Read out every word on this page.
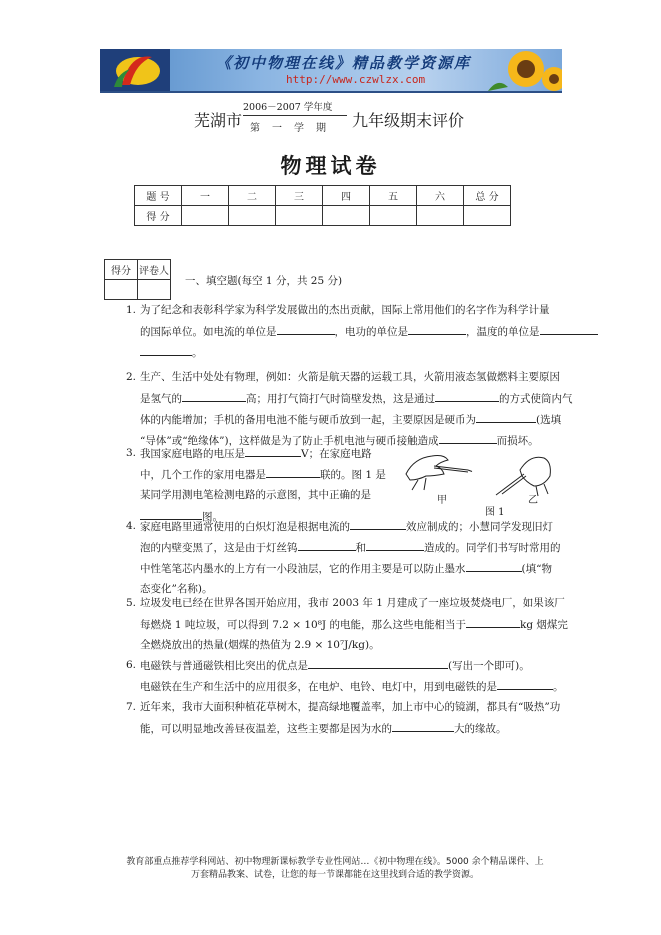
《初中物理在线》精品教学资源库
http://www.czwlzx.com
芜湖市
2006－2007 学年度
第一学期 九年级期末评价
物理试卷
题 号	一	二	三	四	五	六	总 分
得 分							
得分	评卷人

一、填空题(每空 1 分，共 25 分)
1. 为了纪念和表彰科学家为科学发展做出的杰出贡献，国际上常用他们的名字作为科学计量
的国际单位。如电流的单位是	，电功的单位是	，温度的单位是
。
2. 生产、生活中处处有物理，例如：火箭是航天器的运载工具，火箭用液态氢做燃料主要原因
是氢气的	高；用打气筒打气时筒壁发热，这是通过	的方式使筒内气
体的内能增加；手机的备用电池不能与硬币放到一起，主要原因是硬币为	(选填
“导体”或“绝缘体”)，这样做是为了防止手机电池与硬币接触造成	而损坏。
3. 我国家庭电路的电压是	V；在家庭电路
中，几个工作的家用电器是	联的。图 1 是
某同学用测电笔检测电路的示意图，其中正确的是
图。
甲	乙
图 1
4. 家庭电路里通常使用的白炽灯泡是根据电流的	效应制成的；小慧同学发现旧灯
泡的内壁变黑了，这是由于灯丝钨	和	造成的。同学们书写时常用的
中性笔笔芯内墨水的上方有一小段油层，它的作用主要是可以防止墨水	(填“物
态变化”名称)。
5. 垃圾发电已经在世界各国开始应用，我市 2003 年 1 月建成了一座垃圾焚烧电厂，如果该厂
每燃烧 1 吨垃圾，可以得到 7.2 × 10⁸J 的电能，那么这些电能相当于	kg 烟煤完
全燃烧放出的热量(烟煤的热值为 2.9 × 10⁷J/kg)。
6. 电磁铁与普通磁铁相比突出的优点是	(写出一个即可)。
电磁铁在生产和生活中的应用很多，在电炉、电铃、电灯中，用到电磁铁的是	。
7. 近年来，我市大面积种植花草树木，提高绿地覆盖率，加上市中心的镜湖，都具有“吸热”功
能，可以明显地改善昼夜温差，这些主要都是因为水的	大的缘故。
教育部重点推荐学科网站、初中物理新课标教学专业性网站…《初中物理在线》。5000 余个精品课件、上
万套精品教案、试卷，让您的每一节课都能在这里找到合适的教学资源。
